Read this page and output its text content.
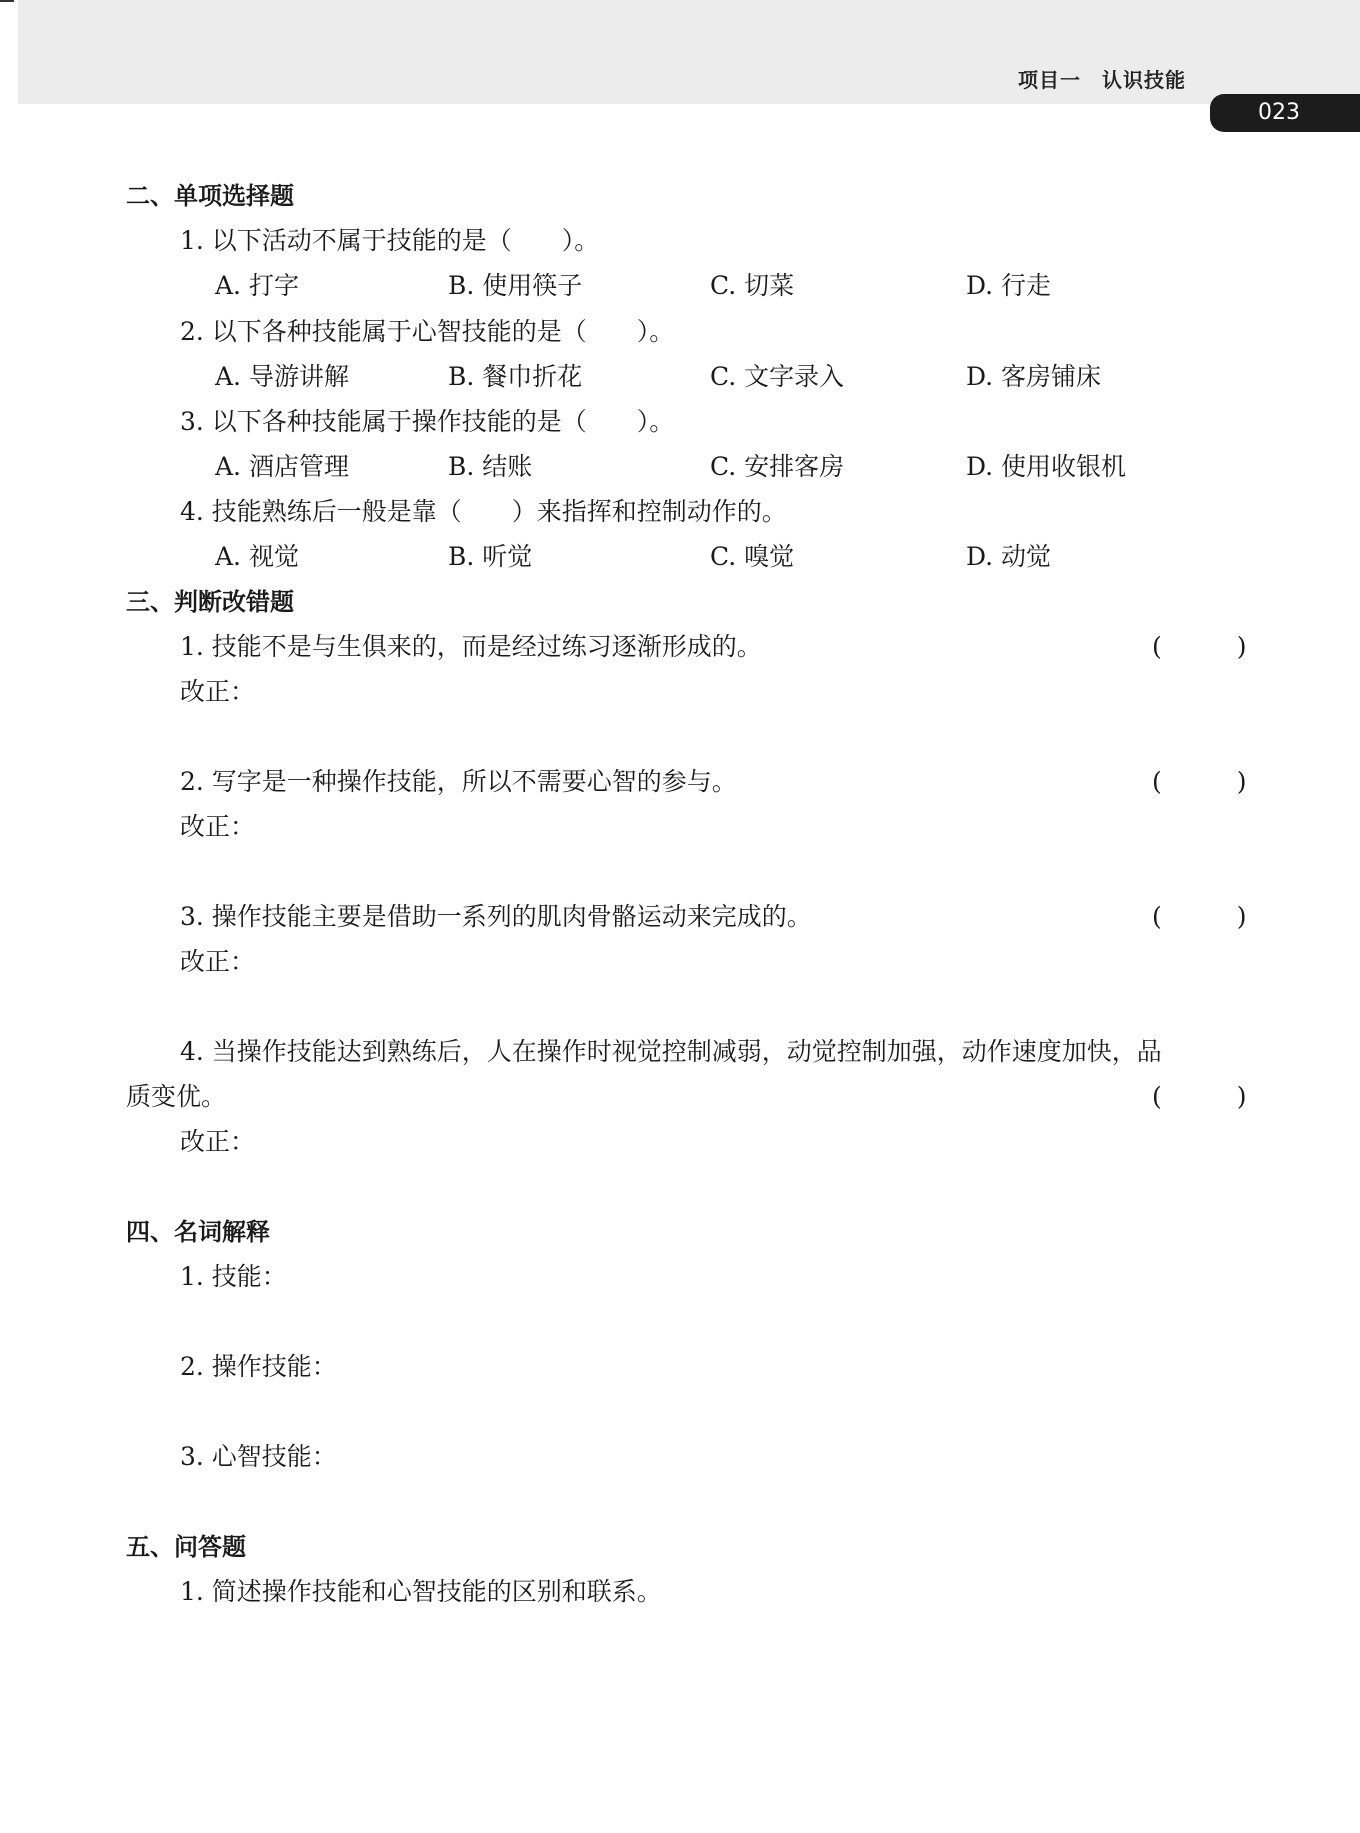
项目一　认识技能
023
二、单项选择题
1. 以下活动不属于技能的是（　　）。
A. 打字	B. 使用筷子	C. 切菜	D. 行走
2. 以下各种技能属于心智技能的是（　　）。
A. 导游讲解	B. 餐巾折花	C. 文字录入	D. 客房铺床
3. 以下各种技能属于操作技能的是（　　）。
A. 酒店管理	B. 结账	C. 安排客房	D. 使用收银机
4. 技能熟练后一般是靠（　　）来指挥和控制动作的。
A. 视觉	B. 听觉	C. 嗅觉	D. 动觉
三、判断改错题
1. 技能不是与生俱来的，而是经过练习逐渐形成的。	(　　　)
改正：
2. 写字是一种操作技能，所以不需要心智的参与。	(　　　)
改正：
3. 操作技能主要是借助一系列的肌肉骨骼运动来完成的。	(　　　)
改正：
4. 当操作技能达到熟练后，人在操作时视觉控制减弱，动觉控制加强，动作速度加快，品
质变优。	(　　　)
改正：
四、名词解释
1. 技能：
2. 操作技能：
3. 心智技能：
五、问答题
1. 简述操作技能和心智技能的区别和联系。
